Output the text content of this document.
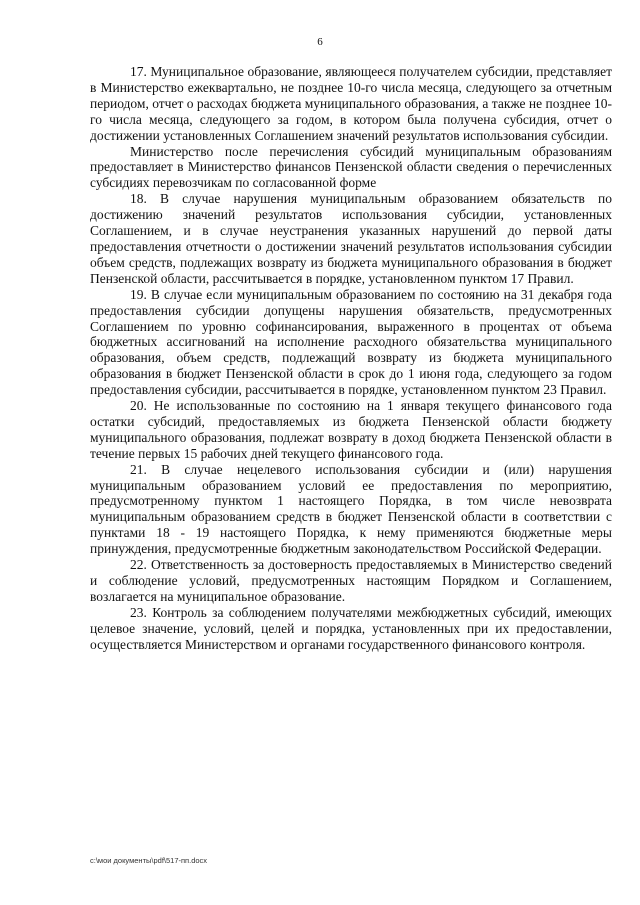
6

17. Муниципальное образование, являющееся получателем субсидии, представляет в Министерство ежеквартально, не позднее 10-го числа месяца, следующего за отчетным периодом, отчет о расходах бюджета муниципального образования, а также не позднее 10-го числа месяца, следующего за годом, в котором была получена субсидия, отчет о достижении установленных Соглашением значений результатов использования субсидии.

Министерство после перечисления субсидий муниципальным образованиям предоставляет в Министерство финансов Пензенской области сведения о перечисленных субсидиях перевозчикам по согласованной форме

18. В случае нарушения муниципальным образованием обязательств по достижению значений результатов использования субсидии, установленных Соглашением, и в случае неустранения указанных нарушений до первой даты предоставления отчетности о достижении значений результатов использования субсидии объем средств, подлежащих возврату из бюджета муниципального образования в бюджет Пензенской области, рассчитывается в порядке, установленном пунктом 17 Правил.

19. В случае если муниципальным образованием по состоянию на 31 декабря года предоставления субсидии допущены нарушения обязательств, предусмотренных Соглашением по уровню софинансирования, выраженного в процентах от объема бюджетных ассигнований на исполнение расходного обязательства муниципального образования, объем средств, подлежащий возврату из бюджета муниципального образования в бюджет Пензенской области в срок до 1 июня года, следующего за годом предоставления субсидии, рассчитывается в порядке, установленном пунктом 23 Правил.

20. Не использованные по состоянию на 1 января текущего финансового года остатки субсидий, предоставляемых из бюджета Пензенской области бюджету муниципального образования, подлежат возврату в доход бюджета Пензенской области в течение первых 15 рабочих дней текущего финансового года.

21. В случае нецелевого использования субсидии и (или) нарушения муниципальным образованием условий ее предоставления по мероприятию, предусмотренному пунктом 1 настоящего Порядка, в том числе невозврата муниципальным образованием средств в бюджет Пензенской области в соответствии с пунктами 18 - 19 настоящего Порядка, к нему применяются бюджетные меры принуждения, предусмотренные бюджетным законодательством Российской Федерации.

22. Ответственность за достоверность предоставляемых в Министерство сведений и соблюдение условий, предусмотренных настоящим Порядком и Соглашением, возлагается на муниципальное образование.

23. Контроль за соблюдением получателями межбюджетных субсидий, имеющих целевое значение, условий, целей и порядка, установленных при их предоставлении, осуществляется Министерством и органами государственного финансового контроля.

c:\мои документы\pdf\517-пп.docx
